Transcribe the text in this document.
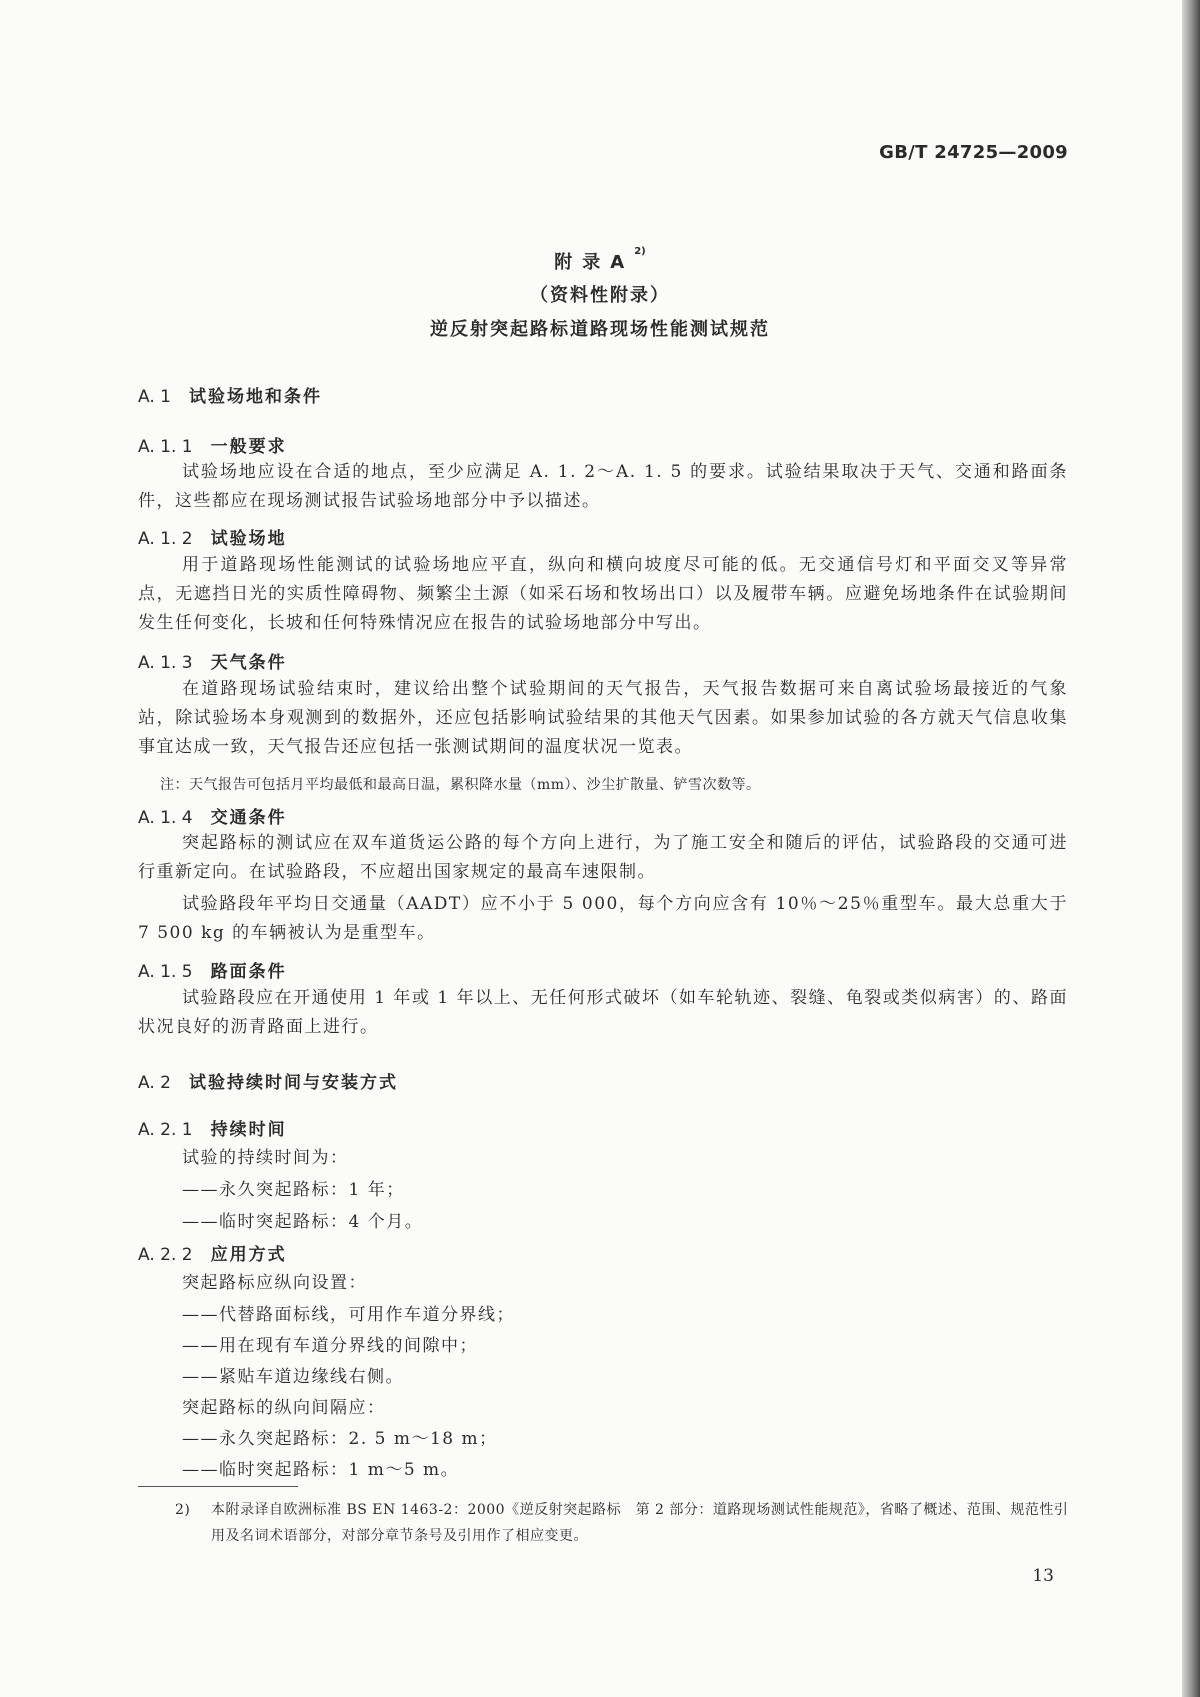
GB/T 24725—2009
附录$A^{2)}$
（资料性附录）
逆反射突起路标道路现场性能测试规范
A. 1 试验场地和条件
A. 1. 1 一般要求
试验场地应设在合适的地点，至少应满足 A. 1. 2～A. 1. 5 的要求。试验结果取决于天气、交通和路面条件，这些都应在现场测试报告试验场地部分中予以描述。
A. 1. 2 试验场地
用于道路现场性能测试的试验场地应平直，纵向和横向坡度尽可能的低。无交通信号灯和平面交叉等异常点，无遮挡日光的实质性障碍物、频繁尘土源（如采石场和牧场出口）以及履带车辆。应避免场地条件在试验期间发生任何变化，长坡和任何特殊情况应在报告的试验场地部分中写出。
A. 1. 3 天气条件
在道路现场试验结束时，建议给出整个试验期间的天气报告，天气报告数据可来自离试验场最接近的气象站，除试验场本身观测到的数据外，还应包括影响试验结果的其他天气因素。如果参加试验的各方就天气信息收集事宜达成一致，天气报告还应包括一张测试期间的温度状况一览表。
注：天气报告可包括月平均最低和最高日温，累积降水量（mm）、沙尘扩散量、铲雪次数等。
A. 1. 4 交通条件
突起路标的测试应在双车道货运公路的每个方向上进行，为了施工安全和随后的评估，试验路段的交通可进行重新定向。在试验路段，不应超出国家规定的最高车速限制。
试验路段年平均日交通量（AADT）应不小于 5 000，每个方向应含有 10％～25％重型车。最大总重大于 7 500 kg 的车辆被认为是重型车。
A. 1. 5 路面条件
试验路段应在开通使用 1 年或 1 年以上、无任何形式破坏（如车轮轨迹、裂缝、龟裂或类似病害）的、路面状况良好的沥青路面上进行。
A. 2 试验持续时间与安装方式
A. 2. 1 持续时间
试验的持续时间为：
——永久突起路标：1 年；
——临时突起路标：4 个月。
A. 2. 2 应用方式
突起路标应纵向设置：
——代替路面标线，可用作车道分界线；
——用在现有车道分界线的间隙中；
——紧贴车道边缘线右侧。
突起路标的纵向间隔应：
——永久突起路标：2. 5 m～18 m；
——临时突起路标：1 m～5 m。
2) 本附录译自欧洲标准 BS EN 1463-2：2000《逆反射突起路标　第 2 部分：道路现场测试性能规范》，省略了概述、范围、规范性引用及名词术语部分，对部分章节条号及引用作了相应变更。
13
